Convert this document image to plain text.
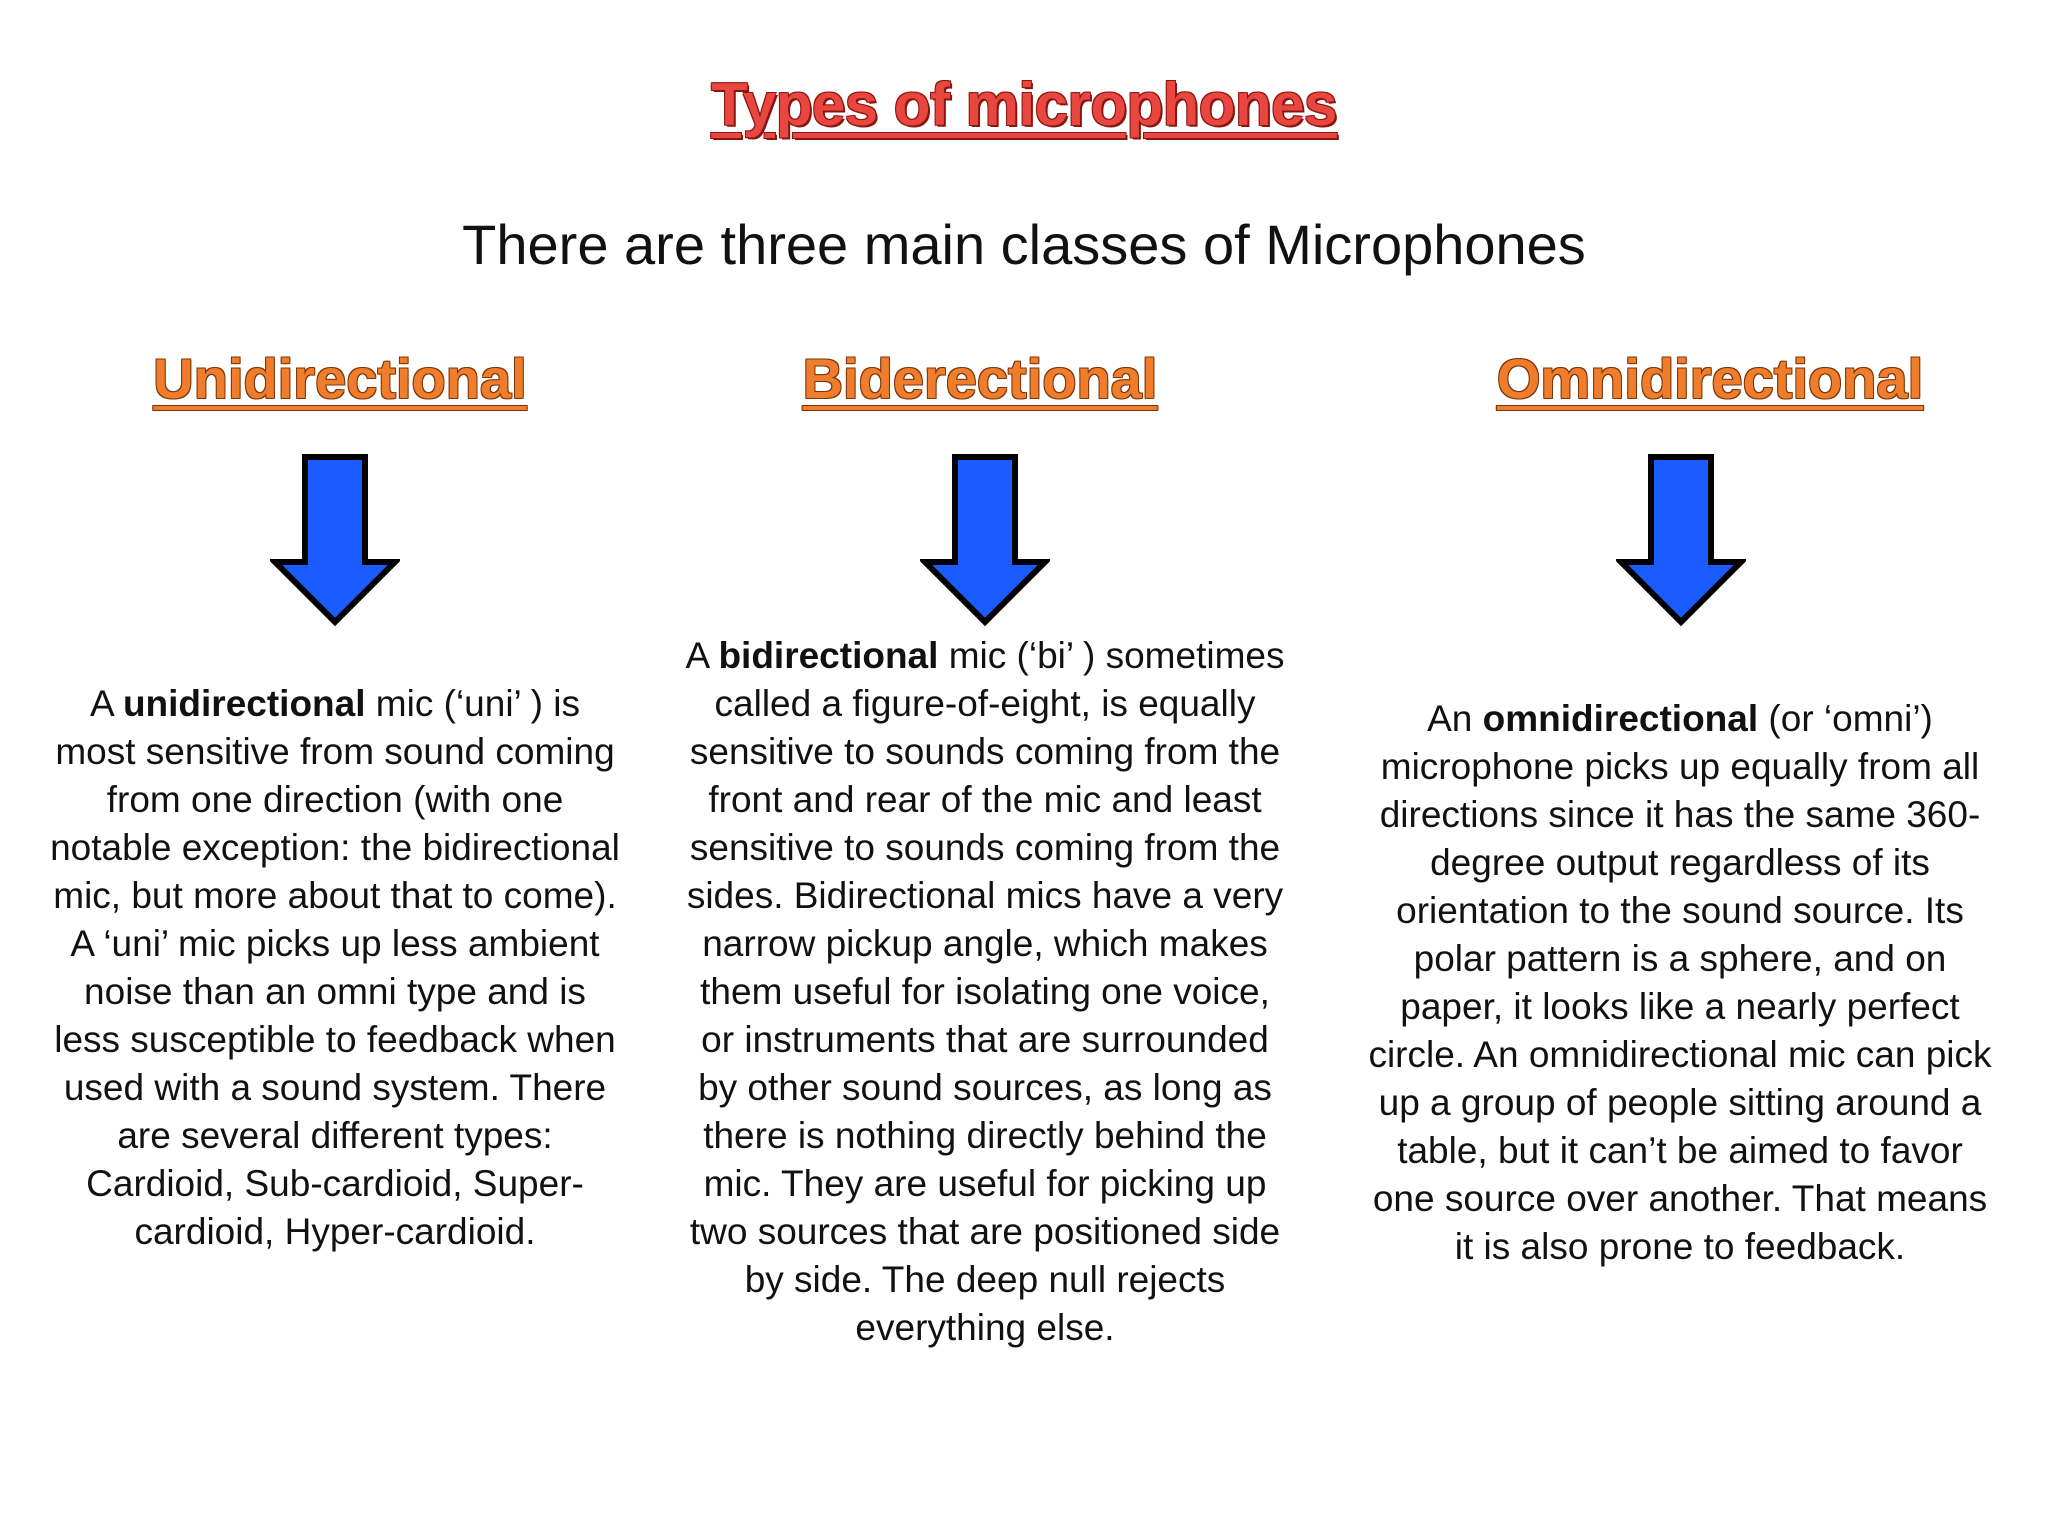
Types of microphones
There are three main classes of Microphones
Unidirectional
A unidirectional mic (‘uni’ ) is most sensitive from sound coming from one direction (with one notable exception: the bidirectional mic, but more about that to come). A ‘uni’ mic picks up less ambient noise than an omni type and is less susceptible to feedback when used with a sound system. There are several different types: Cardioid, Sub-cardioid, Super-cardioid, Hyper-cardioid.
Biderectional
A bidirectional mic (‘bi’ ) sometimes called a figure-of-eight, is equally sensitive to sounds coming from the front and rear of the mic and least sensitive to sounds coming from the sides. Bidirectional mics have a very narrow pickup angle, which makes them useful for isolating one voice, or instruments that are surrounded by other sound sources, as long as there is nothing directly behind the mic. They are useful for picking up two sources that are positioned side by side. The deep null rejects everything else.
Omnidirectional
An omnidirectional (or ‘omni’) microphone picks up equally from all directions since it has the same 360-degree output regardless of its orientation to the sound source. Its polar pattern is a sphere, and on paper, it looks like a nearly perfect circle. An omnidirectional mic can pick up a group of people sitting around a table, but it can’t be aimed to favor one source over another. That means it is also prone to feedback.
